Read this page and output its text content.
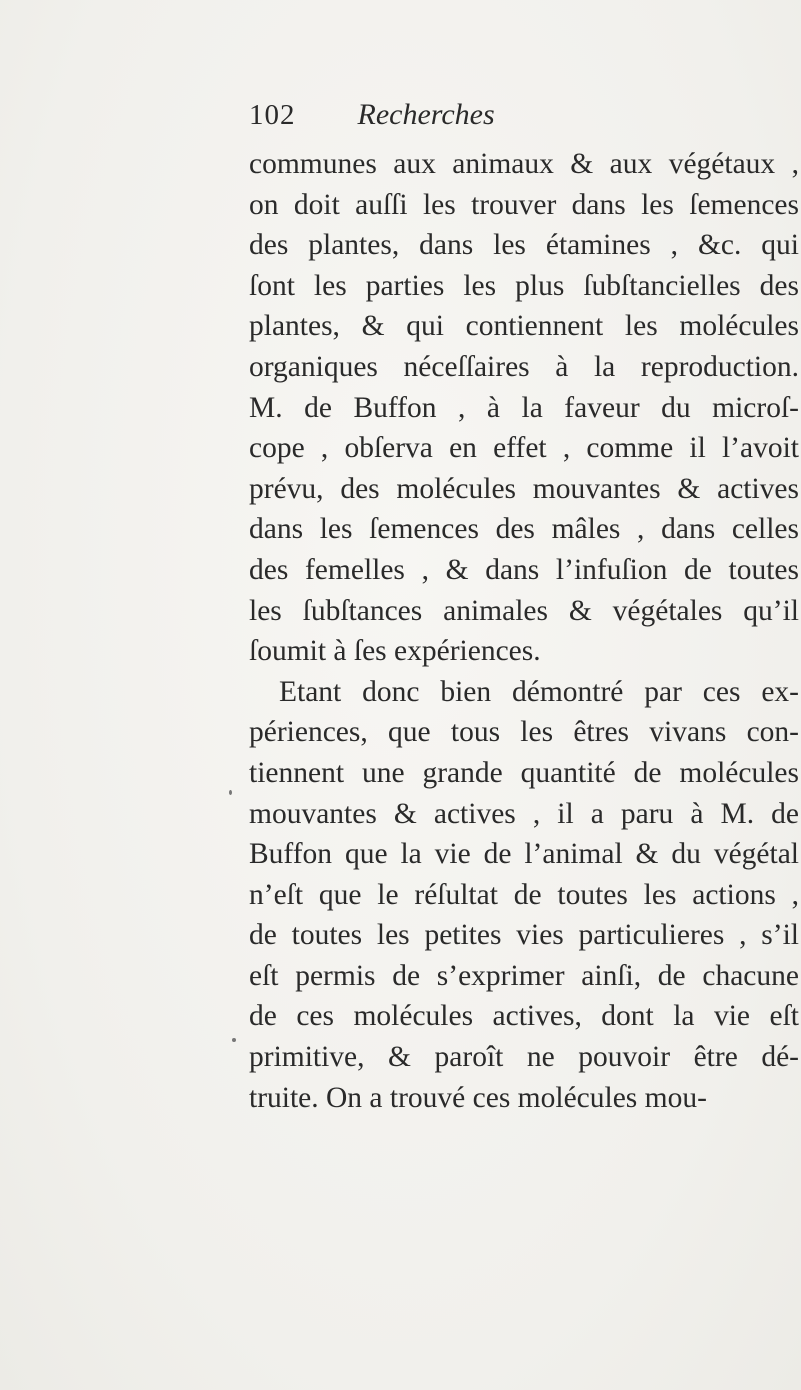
102 Recherches
communes aux animaux & aux végétaux ,
on doit auſſi les trouver dans les ſemences
des plantes, dans les étamines , &c. qui
ſont les parties les plus ſubſtancielles des
plantes, & qui contiennent les molécules
organiques néceſſaires à la reproduction.
M. de Buffon , à la faveur du microſ-
cope , obſerva en effet , comme il l’avoit
prévu, des molécules mouvantes & actives
dans les ſemences des mâles , dans celles
des femelles , & dans l’infuſion de toutes
les ſubſtances animales & végétales qu’il
ſoumit à ſes expériences.
Etant donc bien démontré par ces ex-
périences, que tous les êtres vivans con-
tiennent une grande quantité de molécules
mouvantes & actives , il a paru à M. de
Buffon que la vie de l’animal & du végétal
n’eſt que le réſultat de toutes les actions ,
de toutes les petites vies particulieres , s’il
eſt permis de s’exprimer ainſi, de chacune
de ces molécules actives, dont la vie eſt
primitive, & paroît ne pouvoir être dé-
truite. On a trouvé ces molécules mou-
